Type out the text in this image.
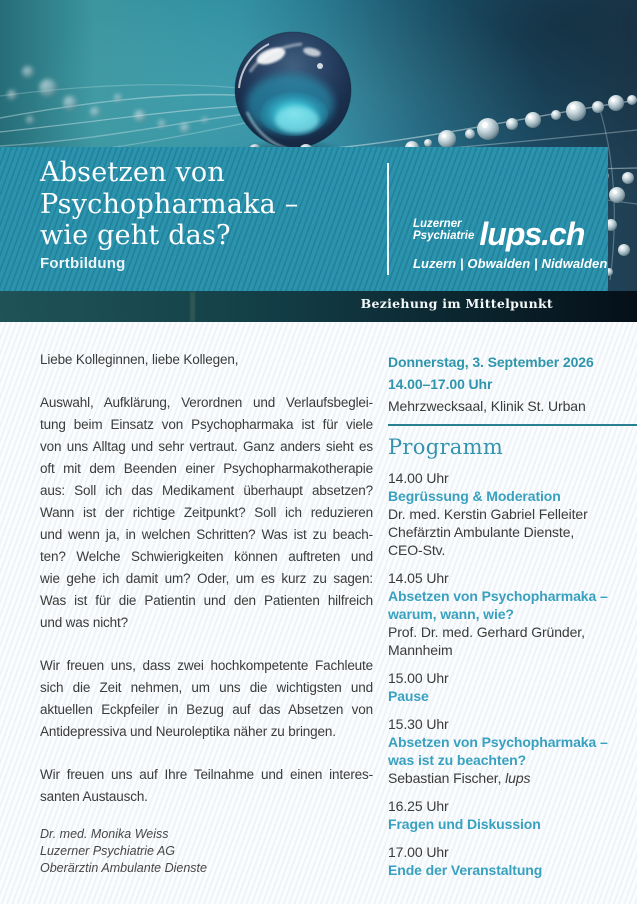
Absetzen von
Psychopharmaka –
wie geht das?
Fortbildung
Luzerner
Psychiatrie lups.ch
Luzern | Obwalden | Nidwalden
Beziehung im Mittelpunkt
Liebe Kolleginnen, liebe Kollegen,
Auswahl, Aufklärung, Verordnen und Verlaufsbeglei-
tung beim Einsatz von Psychopharmaka ist für viele
von uns Alltag und sehr vertraut. Ganz anders sieht es
oft mit dem Beenden einer Psychopharmakotherapie
aus: Soll ich das Medikament überhaupt absetzen?
Wann ist der richtige Zeitpunkt? Soll ich reduzieren
und wenn ja, in welchen Schritten? Was ist zu beach-
ten? Welche Schwierigkeiten können auftreten und
wie gehe ich damit um? Oder, um es kurz zu sagen:
Was ist für die Patientin und den Patienten hilfreich
und was nicht?
Wir freuen uns, dass zwei hochkompetente Fachleute
sich die Zeit nehmen, um uns die wichtigsten und
aktuellen Eckpfeiler in Bezug auf das Absetzen von
Antidepressiva und Neuroleptika näher zu bringen.
Wir freuen uns auf Ihre Teilnahme und einen interes-
santen Austausch.
Dr. med. Monika Weiss
Luzerner Psychiatrie AG
Oberärztin Ambulante Dienste
Donnerstag, 3. September 2026
14.00–17.00 Uhr
Mehrzwecksaal, Klinik St. Urban
Programm
14.00 Uhr
Begrüssung & Moderation
Dr. med. Kerstin Gabriel Felleiter
Chefärztin Ambulante Dienste,
CEO-Stv.
14.05 Uhr
Absetzen von Psychopharmaka –
warum, wann, wie?
Prof. Dr. med. Gerhard Gründer,
Mannheim
15.00 Uhr
Pause
15.30 Uhr
Absetzen von Psychopharmaka –
was ist zu beachten?
Sebastian Fischer, lups
16.25 Uhr
Fragen und Diskussion
17.00 Uhr
Ende der Veranstaltung
